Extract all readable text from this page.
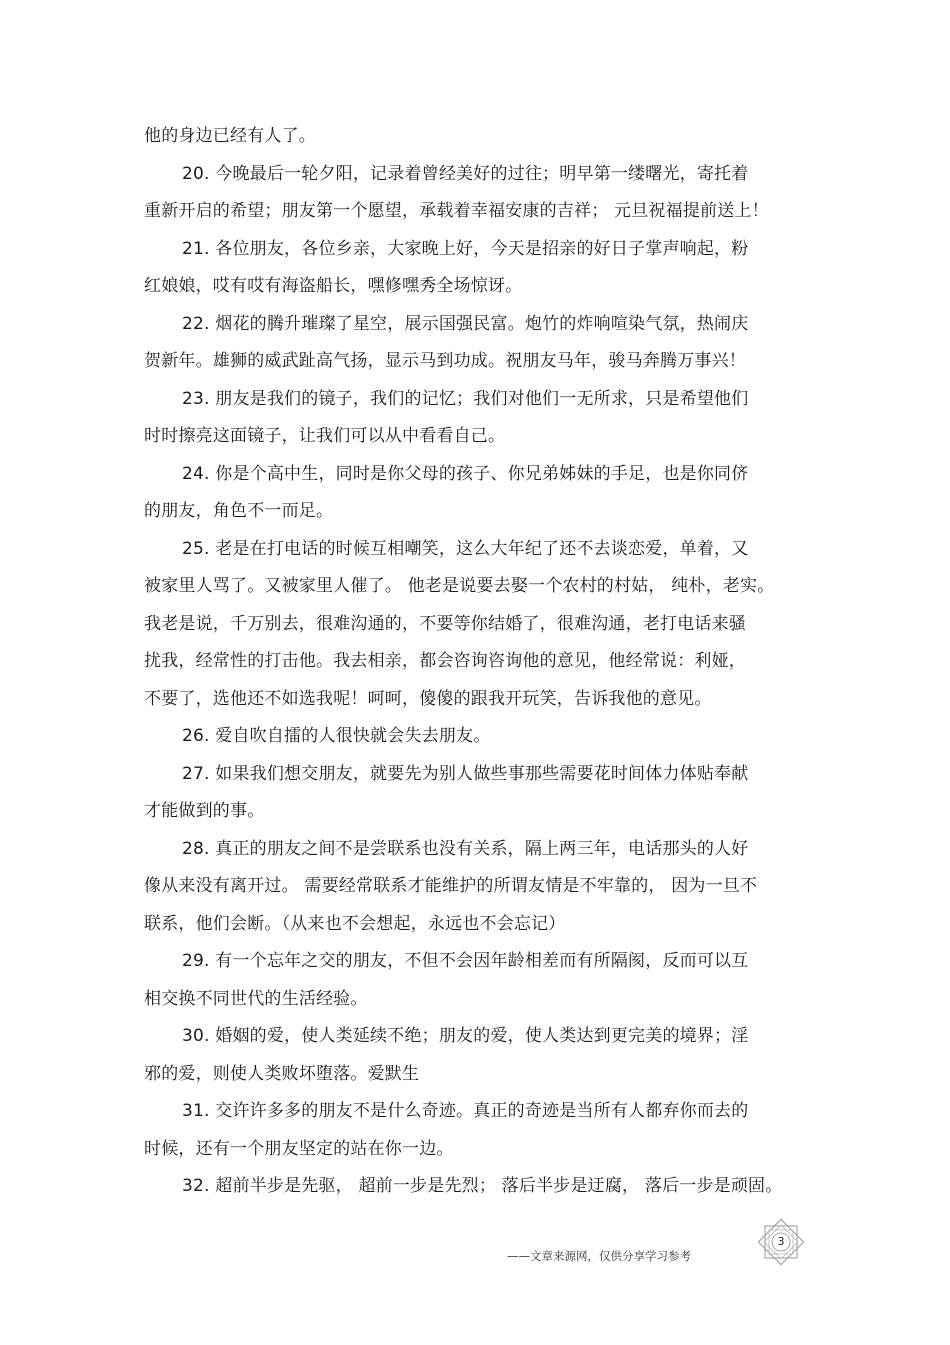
他的身边已经有人了。
20. 今晚最后一轮夕阳，记录着曾经美好的过往；明早第一缕曙光，寄托着
重新开启的希望；朋友第一个愿望，承载着幸福安康的吉祥； 元旦祝福提前送上！
21. 各位朋友，各位乡亲，大家晚上好，今天是招亲的好日子掌声响起，粉
红娘娘，哎有哎有海盗船长，嘿修嘿秀全场惊讶。
22. 烟花的腾升璀璨了星空，展示国强民富。炮竹的炸响喧染气氛，热闹庆
贺新年。雄狮的威武趾高气扬，显示马到功成。祝朋友马年，骏马奔腾万事兴！
23. 朋友是我们的镜子，我们的记忆；我们对他们一无所求，只是希望他们
时时擦亮这面镜子，让我们可以从中看看自己。
24. 你是个高中生，同时是你父母的孩子、你兄弟姊妹的手足，也是你同侪
的朋友，角色不一而足。
25. 老是在打电话的时候互相嘲笑，这么大年纪了还不去谈恋爱，单着，又
被家里人骂了。又被家里人催了。 他老是说要去娶一个农村的村姑， 纯朴，老实。
我老是说，千万别去，很难沟通的，不要等你结婚了，很难沟通，老打电话来骚
扰我，经常性的打击他。我去相亲，都会咨询咨询他的意见，他经常说：利娅，
不要了，选他还不如选我呢！呵呵，傻傻的跟我开玩笑，告诉我他的意见。
26. 爱自吹自擂的人很快就会失去朋友。
27. 如果我们想交朋友，就要先为别人做些事那些需要花时间体力体贴奉献
才能做到的事。
28. 真正的朋友之间不是尝联系也没有关系，隔上两三年，电话那头的人好
像从来没有离开过。 需要经常联系才能维护的所谓友情是不牢靠的， 因为一旦不
联系，他们会断。（从来也不会想起，永远也不会忘记）
29. 有一个忘年之交的朋友，不但不会因年龄相差而有所隔阂，反而可以互
相交换不同世代的生活经验。
30. 婚姻的爱，使人类延续不绝；朋友的爱，使人类达到更完美的境界；淫
邪的爱，则使人类败坏堕落。爱默生
31. 交许许多多的朋友不是什么奇迹。真正的奇迹是当所有人都弃你而去的
时候，还有一个朋友坚定的站在你一边。
32. 超前半步是先驱， 超前一步是先烈； 落后半步是迂腐， 落后一步是顽固。
——文章来源网，仅供分享学习参考
3
